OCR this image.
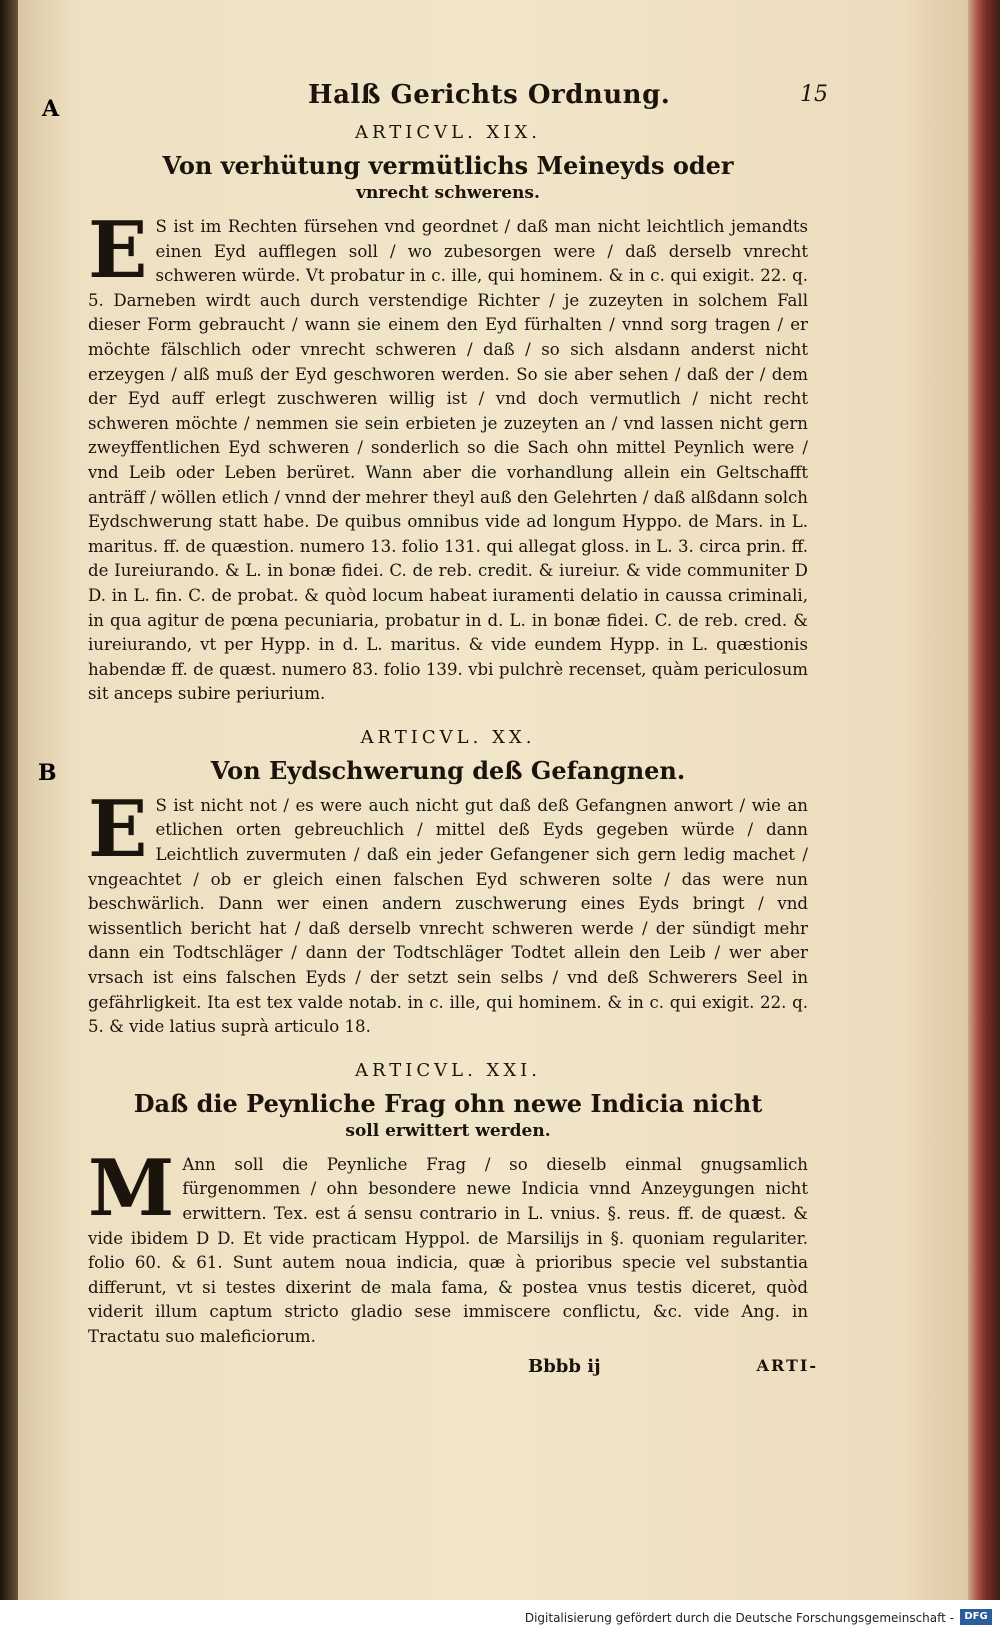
A
B
Halß Gerichts Ordnung.	15
ARTICVL. XIX.
Von verhütung vermütlichs Meineyds oder
vnrecht schwerens.

E S ist im Rechten fürsehen vnd geordnet / daß man nicht leichtlich jemandts einen Eyd aufflegen soll / wo zubesorgen were / daß derselb vnrecht schweren würde. Vt probatur in c. ille, qui hominem. & in c. qui exigit. 22. q. 5. Darneben wirdt auch durch verstendige Richter / je zuzeyten in solchem Fall dieser Form gebraucht / wann sie einem den Eyd fürhalten / vnnd sorg tragen / er möchte fälschlich oder vnrecht schweren / daß / so sich alsdann anderst nicht erzeygen / alß muß der Eyd geschworen werden. So sie aber sehen / daß der / dem der Eyd auff erlegt zuschweren willig ist / vnd doch vermutlich / nicht recht schweren möchte / nemmen sie sein erbieten je zuzeyten an / vnd lassen nicht gern zweyffentlichen Eyd schweren / sonderlich so die Sach ohn mittel Peynlich were / vnd Leib oder Leben berüret. Wann aber die vorhandlung allein ein Geltschafft anträff / wöllen etlich / vnnd der mehrer theyl auß den Gelehrten / daß alßdann solch Eydschwerung statt habe. De quibus omnibus vide ad longum Hyppo. de Mars. in L. maritus. ff. de quæstion. numero 13. folio 131. qui allegat gloss. in L. 3. circa prin. ff. de Iureiurando. & L. in bonæ fidei. C. de reb. credit. & iureiur. & vide communiter D D. in L. fin. C. de probat. & quòd locum habeat iuramenti delatio in caussa criminali, in qua agitur de pœna pecuniaria, probatur in d. L. in bonæ fidei. C. de reb. cred. & iureiurando, vt per Hypp. in d. L. maritus. & vide eundem Hypp. in L. quæstionis habendæ ff. de quæst. numero 83. folio 139. vbi pulchrè recenset, quàm periculosum sit anceps subire periurium.

ARTICVL. XX.
Von Eydschwerung deß Gefangnen.

E S ist nicht not / es were auch nicht gut daß deß Gefangnen anwort / wie an etlichen orten gebreuchlich / mittel deß Eyds gegeben würde / dann Leichtlich zuvermuten / daß ein jeder Gefangener sich gern ledig machet / vngeachtet / ob er gleich einen falschen Eyd schweren solte / das were nun beschwärlich. Dann wer einen andern zuschwerung eines Eyds bringt / vnd wissentlich bericht hat / daß derselb vnrecht schweren werde / der sündigt mehr dann ein Todtschläger / dann der Todtschläger Todtet allein den Leib / wer aber vrsach ist eins falschen Eyds / der setzt sein selbs / vnd deß Schwerers Seel in gefährligkeit. Ita est tex valde notab. in c. ille, qui hominem. & in c. qui exigit. 22. q. 5. & vide latius suprà articulo 18.

ARTICVL. XXI.
Daß die Peynliche Frag ohn newe Indicia nicht
soll erwittert werden.

M Ann soll die Peynliche Frag / so dieselb einmal gnugsamlich fürgenommen / ohn besondere newe Indicia vnnd Anzeygungen nicht erwittern. Tex. est á sensu contrario in L. vnius. §. reus. ff. de quæst. & vide ibidem D D. Et vide practicam Hyppol. de Marsilijs in §. quoniam regulariter. folio 60. & 61. Sunt autem noua indicia, quæ à prioribus specie vel substantia differunt, vt si testes dixerint de mala fama, & postea vnus testis diceret, quòd viderit illum captum stricto gladio sese immiscere conflictu, &c. vide Ang. in Tractatu suo maleficiorum.

Bbbb ij	ARTI-
Digitalisierung gefördert durch die Deutsche Forschungsgemeinschaft -	DFG
